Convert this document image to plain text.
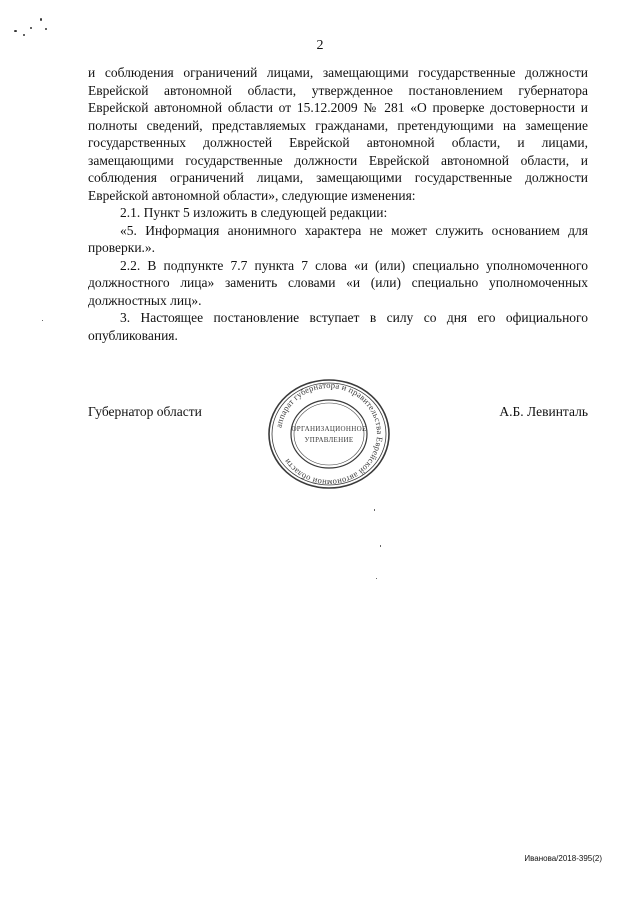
2

и соблюдения ограничений лицами, замещающими государственные должности Еврейской автономной области, утвержденное постановлением губернатора Еврейской автономной области от 15.12.2009 № 281 «О проверке достоверности и полноты сведений, представляемых гражданами, претендующими на замещение государственных должностей Еврейской автономной области, и лицами, замещающими государственные должности Еврейской автономной области, и соблюдения ограничений лицами, замещающими государственные должности Еврейской автономной области», следующие изменения:

2.1. Пункт 5 изложить в следующей редакции:

«5. Информация анонимного характера не может служить основанием для проверки.».

2.2. В подпункте 7.7 пункта 7 слова «и (или) специально уполномоченного должностного лица» заменить словами «и (или) специально уполномоченных должностных лиц».

3. Настоящее постановление вступает в силу со дня его официального опубликования.

Губернатор области	А.Б. Левинталь
аппарат губернатора и правительства Еврейской автономной области
ОРГАНИЗАЦИОННОЕ
УПРАВЛЕНИЕ
Иванова/2018-395(2)
